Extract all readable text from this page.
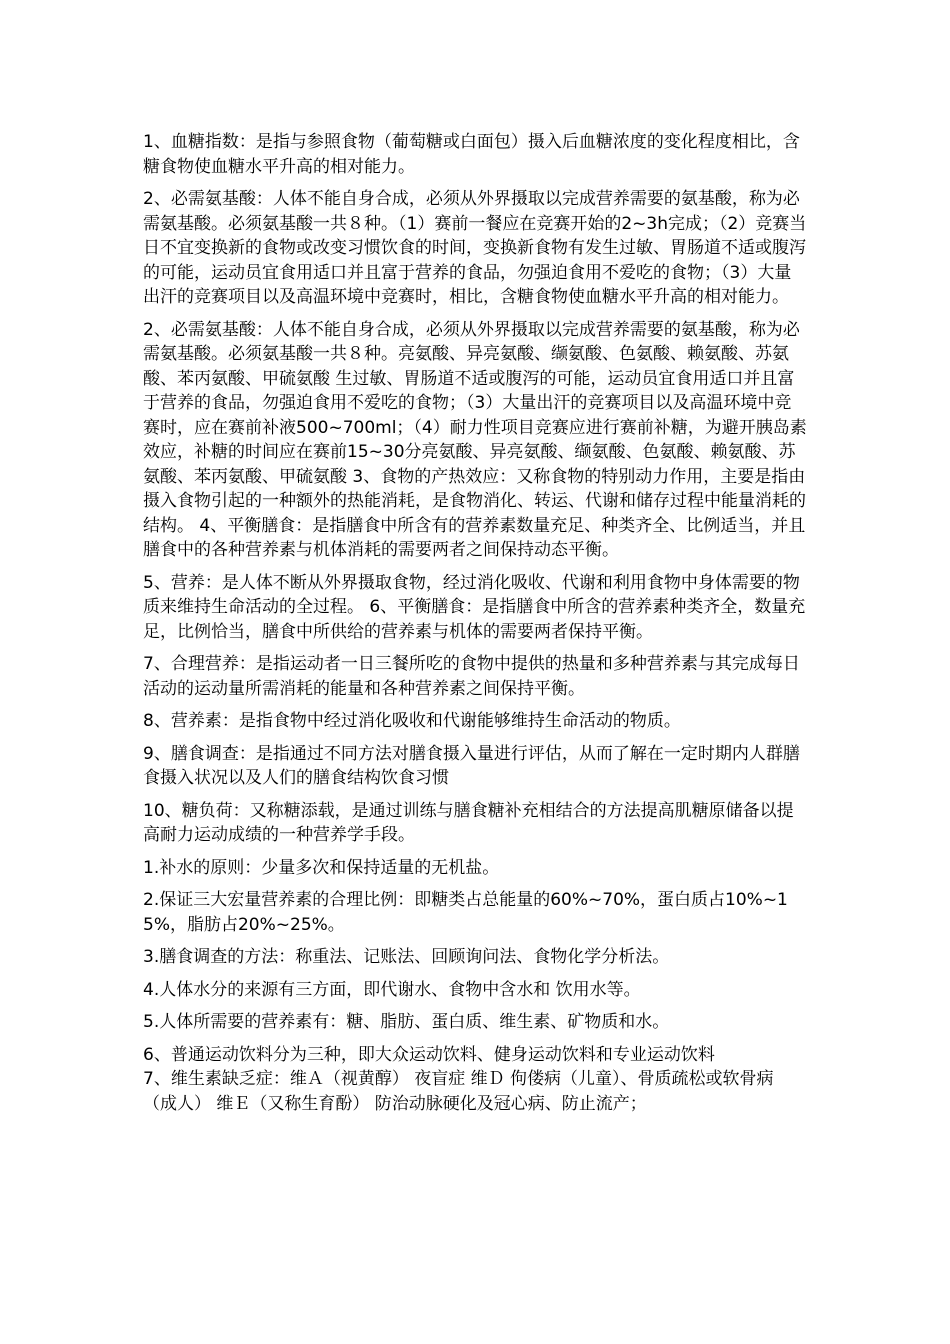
1、血糖指数：是指与参照食物（葡萄糖或白面包）摄入后血糖浓度的变化程度相比，含糖食物使血糖水平升高的相对能力。

2、必需氨基酸：人体不能自身合成，必须从外界摄取以完成营养需要的氨基酸，称为必需氨基酸。必须氨基酸一共８种。（1）赛前一餐应在竞赛开始的2~3h完成；（2）竞赛当日不宜变换新的食物或改变习惯饮食的时间，变换新食物有发生过敏、胃肠道不适或腹泻的可能，运动员宜食用适口并且富于营养的食品，勿强迫食用不爱吃的食物；（3）大量出汗的竞赛项目以及高温环境中竞赛时，相比，含糖食物使血糖水平升高的相对能力。

2、必需氨基酸：人体不能自身合成，必须从外界摄取以完成营养需要的氨基酸，称为必需氨基酸。必须氨基酸一共８种。亮氨酸、异亮氨酸、缬氨酸、色氨酸、赖氨酸、苏氨酸、苯丙氨酸、甲硫氨酸 生过敏、胃肠道不适或腹泻的可能，运动员宜食用适口并且富于营养的食品，勿强迫食用不爱吃的食物；（3）大量出汗的竞赛项目以及高温环境中竞赛时，应在赛前补液500~700ml；（4）耐力性项目竞赛应进行赛前补糖，为避开胰岛素效应，补糖的时间应在赛前15~30分亮氨酸、异亮氨酸、缬氨酸、色氨酸、赖氨酸、苏氨酸、苯丙氨酸、甲硫氨酸 3、食物的产热效应：又称食物的特别动力作用，主要是指由摄入食物引起的一种额外的热能消耗，是食物消化、转运、代谢和储存过程中能量消耗的结构。 4、平衡膳食：是指膳食中所含有的营养素数量充足、种类齐全、比例适当，并且膳食中的各种营养素与机体消耗的需要两者之间保持动态平衡。

5、营养：是人体不断从外界摄取食物，经过消化吸收、代谢和利用食物中身体需要的物质来维持生命活动的全过程。 6、平衡膳食：是指膳食中所含的营养素种类齐全，数量充足，比例恰当，膳食中所供给的营养素与机体的需要两者保持平衡。

7、合理营养：是指运动者一日三餐所吃的食物中提供的热量和多种营养素与其完成每日活动的运动量所需消耗的能量和各种营养素之间保持平衡。

8、营养素：是指食物中经过消化吸收和代谢能够维持生命活动的物质。

9、膳食调查：是指通过不同方法对膳食摄入量进行评估，从而了解在一定时期内人群膳食摄入状况以及人们的膳食结构饮食习惯

10、糖负荷：又称糖添载，是通过训练与膳食糖补充相结合的方法提高肌糖原储备以提高耐力运动成绩的一种营养学手段。

1.补水的原则：少量多次和保持适量的无机盐。

2.保证三大宏量营养素的合理比例：即糖类占总能量的60%~70%，蛋白质占10%~15%，脂肪占20%~25%。

3.膳食调查的方法：称重法、记账法、回顾询问法、食物化学分析法。

4.人体水分的来源有三方面，即代谢水、食物中含水和 饮用水等。

5.人体所需要的营养素有：糖、脂肪、蛋白质、维生素、矿物质和水。

6、普通运动饮料分为三种，即大众运动饮料、健身运动饮料和专业运动饮料

7、维生素缺乏症：维Ａ（视黄醇） 夜盲症 维Ｄ 佝偻病（儿童）、骨质疏松或软骨病（成人） 维Ｅ（又称生育酚） 防治动脉硬化及冠心病、防止流产；
